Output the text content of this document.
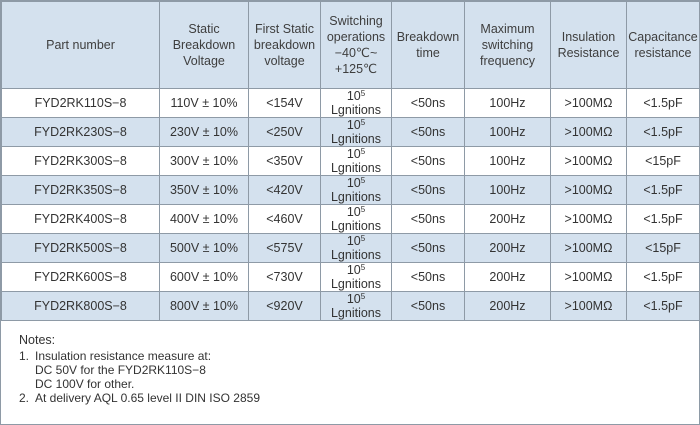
Part number	Static
Breakdown
Voltage	First Static
breakdown
voltage	Switching
operations
−40℃~
+125℃	Breakdown
time	Maximum
switching
frequency	Insulation
Resistance	Capacitance
resistance

FYD2RK110S−8	110V ± 10%	<154V	$10^5$ Lgnitions	<50ns	100Hz	>100MΩ	<1.5pF
FYD2RK230S−8	230V ± 10%	<250V	$10^5$ Lgnitions	<50ns	100Hz	>100MΩ	<1.5pF
FYD2RK300S−8	300V ± 10%	<350V	$10^5$ Lgnitions	<50ns	100Hz	>100MΩ	<15pF
FYD2RK350S−8	350V ± 10%	<420V	$10^5$ Lgnitions	<50ns	100Hz	>100MΩ	<1.5pF
FYD2RK400S−8	400V ± 10%	<460V	$10^5$ Lgnitions	<50ns	200Hz	>100MΩ	<1.5pF
FYD2RK500S−8	500V ± 10%	<575V	$10^5$ Lgnitions	<50ns	200Hz	>100MΩ	<15pF
FYD2RK600S−8	600V ± 10%	<730V	$10^5$ Lgnitions	<50ns	200Hz	>100MΩ	<1.5pF
FYD2RK800S−8	800V ± 10%	<920V	$10^5$ Lgnitions	<50ns	200Hz	>100MΩ	<1.5pF
Notes:
1. Insulation resistance measure at:
DC 50V for the FYD2RK110S−8
DC 100V for other.
2. At delivery AQL 0.65 level II DIN ISO 2859
